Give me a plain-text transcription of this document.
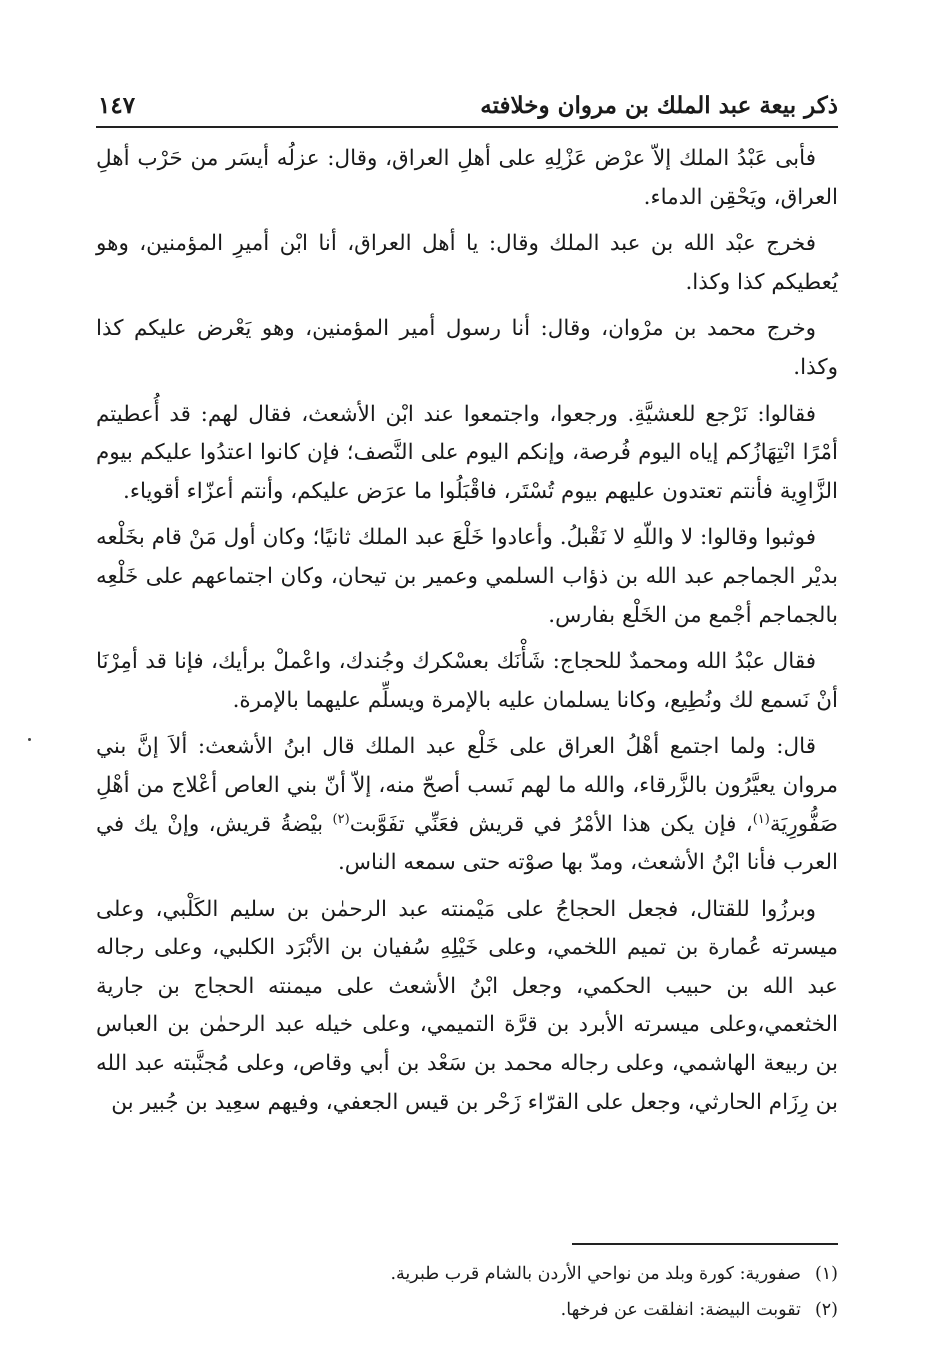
ذكر بيعة عبد الملك بن مروان وخلافته
١٤٧

فأبى عَبْدُ الملك إلاّ عرْض عَزْلِهِ على أهلِ العراق، وقال: عزلُه أيسَر من حَرْب أهلِ العراق، ويَحْقِن الدماء.

فخرج عبْد الله بن عبد الملك وقال: يا أهل العراق، أنا ابْن أميرِ المؤمنين، وهو يُعطيكم كذا وكذا.

وخرج محمد بن مرْوان، وقال: أنا رسول أمير المؤمنين، وهو يَعْرض عليكم كذا وكذا.

فقالوا: نَرْجع للعشيَّةِ. ورجعوا، واجتمعوا عند ابْن الأشعث، فقال لهم: قد أُعطيتم أمْرًا انْتِهَازُكم إياه اليوم فُرصة، وإنكم اليوم على النَّصف؛ فإن كانوا اعتدُوا عليكم بيوم الزَّاوِية فأنتم تعتدون عليهم بيوم تُسْتَر، فاقْبَلُوا ما عرَض عليكم، وأنتم أعزّاء أقوياء.

فوثبوا وقالوا: لا واللّهِ لا نَقْبلُ. وأعادوا خَلْعَ عبد الملك ثانيًا؛ وكان أول مَنْ قام بخَلْعه بديْر الجماجم عبد الله بن ذؤاب السلمي وعمير بن تيحان، وكان اجتماعهم على خَلْعِه بالجماجم أجْمع من الخَلْع بفارس.

فقال عبْدُ الله ومحمدٌ للحجاج: شَأْنَك بعسْكرك وجُندك، واعْملْ برأيك، فإنا قد أمِرْنَا أنْ نَسمع لك ونُطِيع، وكانا يسلمان عليه بالإمرة ويسلِّم عليهما بالإمرة.

قال: ولما اجتمع أهْلُ العراق على خَلْع عبد الملك قال ابنُ الأشعث: ألاَ إنَّ بني مروان يعيَّرُون بالزَّرقاء، والله ما لهم نَسب أصحّ منه، إلاّ أنّ بني العاص أعْلاج من أهْلِ صَفُّورِيَة$^{(١)}$، فإن يكن هذا الأمْرُ في قريش فعَنِّي تفَوَّبت$^{(٢)}$ بيْضةُ قريش، وإنْ يك في العرب فأنا ابْنُ الأشعث، ومدّ بها صوْته حتى سمعه الناس.

وبرزُوا للقتال، فجعل الحجاجُ على مَيْمنته عبد الرحمٰن بن سليم الكَلْبي، وعلى ميسرته عُمارة بن تميم اللخمي، وعلى خَيْلِهِ سُفيان بن الأبْرَد الكلبي، وعلى رجاله عبد الله بن حبيب الحكمي، وجعل ابْنُ الأشعث على ميمنته الحجاج بن جارية الخثعمي،وعلى ميسرته الأبرد بن قرَّة التميمي، وعلى خيله عبد الرحمٰن بن العباس بن ربيعة الهاشمي، وعلى رجاله محمد بن سَعْد بن أبي وقاص، وعلى مُجنَّبته عبد الله بن رِزَام الحارثي، وجعل على القرّاء زَحْر بن قيس الجعفي، وفيهم سعِيد بن جُبير بن

(١)صفورية: كورة وبلد من نواحي الأردن بالشام قرب طبرية.

(٢)تقوبت البيضة: انفلقت عن فرخها.
